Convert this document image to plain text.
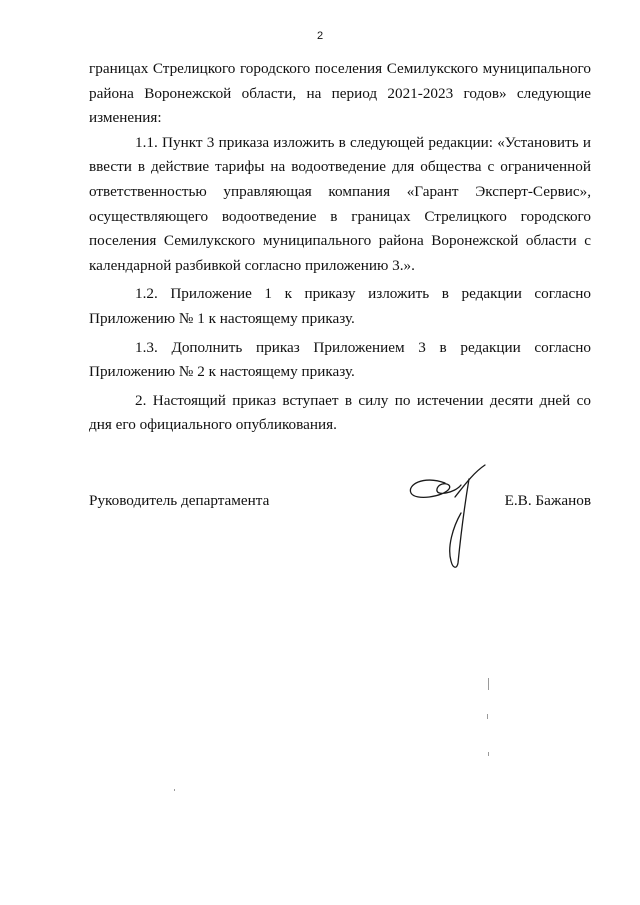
2

границах Стрелицкого городского поселения Семилукского муниципального района Воронежской области, на период 2021-2023 годов» следующие изменения:

1.1. Пункт 3 приказа изложить в следующей редакции: «Установить и ввести в действие тарифы на водоотведение для общества с ограниченной ответственностью управляющая компания «Гарант Эксперт-Сервис», осуществляющего водоотведение в границах Стрелицкого городского поселения Семилукского муниципального района Воронежской области с календарной разбивкой согласно приложению 3.».

1.2. Приложение 1 к приказу изложить в редакции согласно Приложению № 1 к настоящему приказу.

1.3. Дополнить приказ Приложением 3 в редакции согласно Приложению № 2 к настоящему приказу.

2. Настоящий приказ вступает в силу по истечении десяти дней со дня его официального опубликования.

Руководитель департамента	Е.В. Бажанов
